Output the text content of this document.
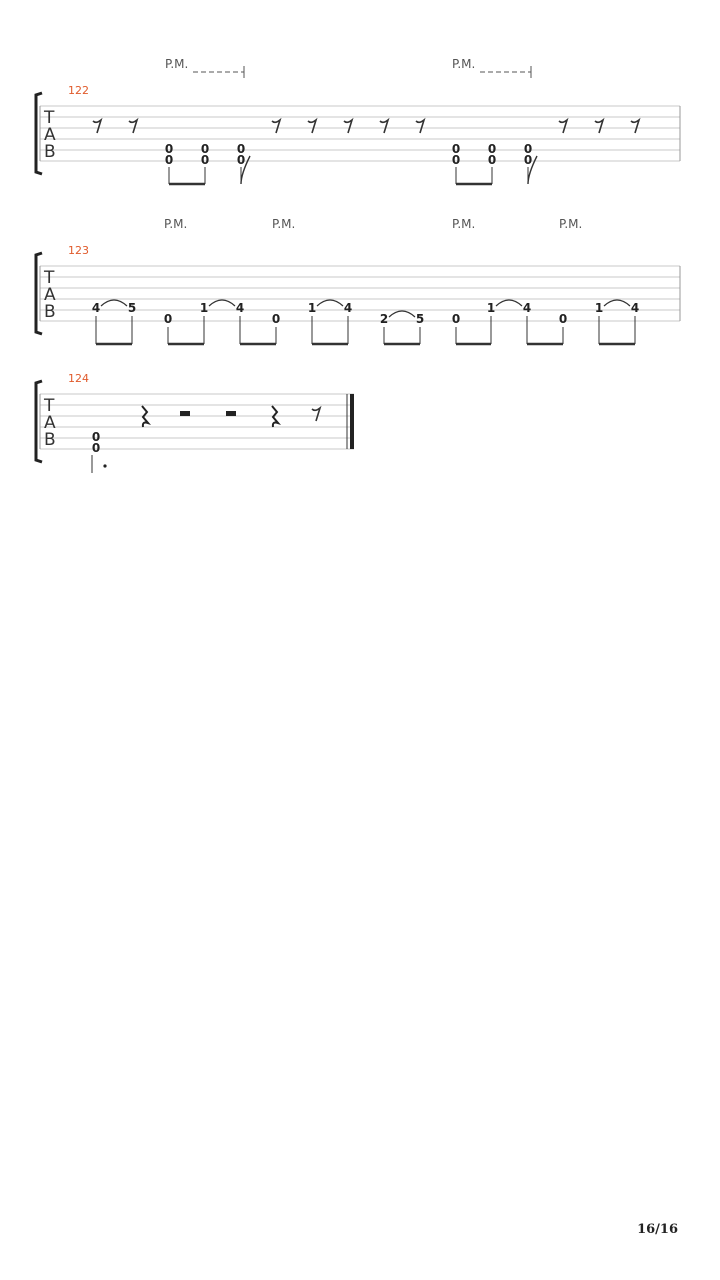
122
T
A
B
P.M.	P.M.
0
0
0
0
0
0
0
0
0
0
0
0
123
T
A
B
P.M.	P.M.	P.M.	P.M.
4 5
0
1 4
0
1 4
2 5 0
1 4
0
1 4
124
T
A
B	0
0
16/16
